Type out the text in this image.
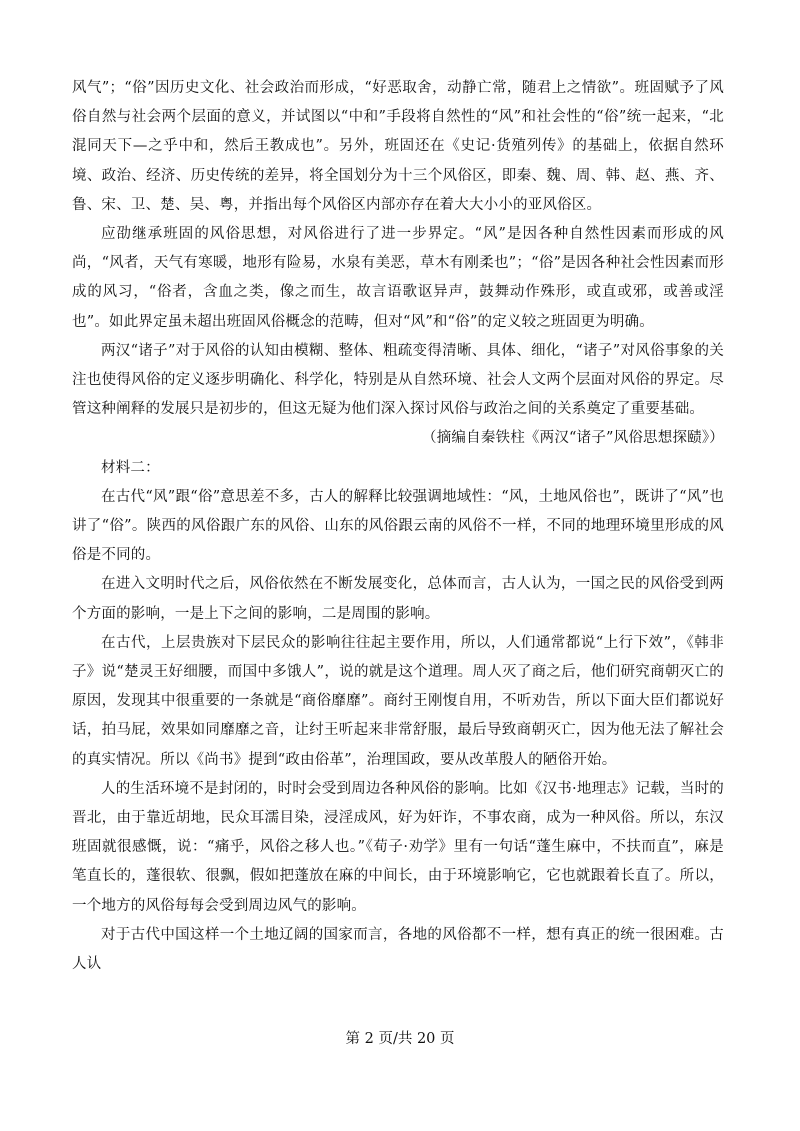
风气”；“俗”因历史文化、社会政治而形成，“好恶取舍，动静亡常，随君上之情欲”。班固赋予了风俗自然与社会两个层面的意义，并试图以“中和”手段将自然性的“风”和社会性的“俗”统一起来，“北混同天下—之乎中和，然后王教成也”。另外，班固还在《史记·货殖列传》的基础上，依据自然环境、政治、经济、历史传统的差异，将全国划分为十三个风俗区，即秦、魏、周、韩、赵、燕、齐、鲁、宋、卫、楚、吴、粤，并指出每个风俗区内部亦存在着大大小小的亚风俗区。

应劭继承班固的风俗思想，对风俗进行了进一步界定。“风”是因各种自然性因素而形成的风尚，“风者，天气有寒暖，地形有险易，水泉有美恶，草木有刚柔也”；“俗”是因各种社会性因素而形成的风习，“俗者，含血之类，像之而生，故言语歌讴异声，鼓舞动作殊形，或直或邪，或善或淫也”。如此界定虽未超出班固风俗概念的范畴，但对“风”和“俗”的定义较之班固更为明确。

两汉“诸子”对于风俗的认知由模糊、整体、粗疏变得清晰、具体、细化，“诸子”对风俗事象的关注也使得风俗的定义逐步明确化、科学化，特别是从自然环境、社会人文两个层面对风俗的界定。尽管这种阐释的发展只是初步的，但这无疑为他们深入探讨风俗与政治之间的关系奠定了重要基础。

（摘编自秦铁柱《两汉“诸子”风俗思想探赜》）

材料二：

在古代“风”跟“俗”意思差不多，古人的解释比较强调地域性：“风，土地风俗也”，既讲了“风”也讲了“俗”。陕西的风俗跟广东的风俗、山东的风俗跟云南的风俗不一样，不同的地理环境里形成的风俗是不同的。

在进入文明时代之后，风俗依然在不断发展变化，总体而言，古人认为，一国之民的风俗受到两个方面的影响，一是上下之间的影响，二是周围的影响。

在古代，上层贵族对下层民众的影响往往起主要作用，所以，人们通常都说“上行下效”，《韩非子》说“楚灵王好细腰，而国中多饿人”，说的就是这个道理。周人灭了商之后，他们研究商朝灭亡的原因，发现其中很重要的一条就是“商俗靡靡”。商纣王刚愎自用，不听劝告，所以下面大臣们都说好话，拍马屁，效果如同靡靡之音，让纣王听起来非常舒服，最后导致商朝灭亡，因为他无法了解社会的真实情况。所以《尚书》提到“政由俗革”，治理国政，要从改革殷人的陋俗开始。

人的生活环境不是封闭的，时时会受到周边各种风俗的影响。比如《汉书·地理志》记载，当时的晋北，由于靠近胡地，民众耳濡目染，浸淫成风，好为奸诈，不事农商，成为一种风俗。所以，东汉班固就很感慨，说：“痛乎，风俗之移人也。”《荀子·劝学》里有一句话“蓬生麻中，不扶而直”，麻是笔直长的，蓬很软、很飘，假如把蓬放在麻的中间长，由于环境影响它，它也就跟着长直了。所以，一个地方的风俗每每会受到周边风气的影响。

对于古代中国这样一个土地辽阔的国家而言，各地的风俗都不一样，想有真正的统一很困难。古人认

第 2 页/共 20 页
